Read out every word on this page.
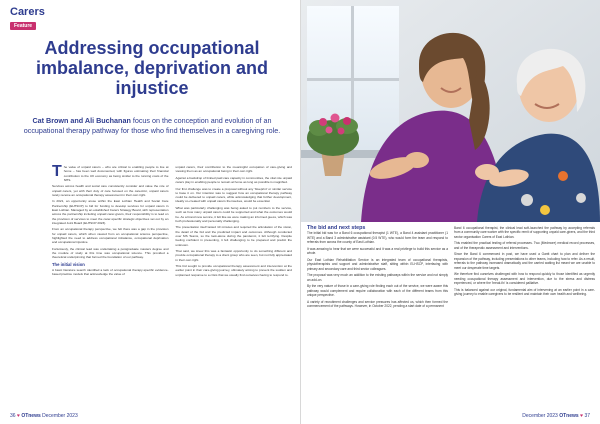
Carers
Feature
Addressing occupational imbalance, deprivation and injustice
Cat Brown and Ali Buchanan focus on the conception and evolution of an occupational therapy pathway for those who find themselves in a caregiving role.

The value of unpaid carers – who are critical to enabling people to live at home – has been well documented, with figures estimating their financial contribution to the UK economy as being similar to the running costs of the NHS.

Services across health and social care consistently consider and value the role of unpaid carers, yet with their duty of care focused on the cared-for, unpaid carers rarely receive an occupational therapy assessment in their own right.

In 2021, an opportunity arose within the East Lothian Health and Social Care Partnership (ELHSCP) to bid for funding to develop services for unpaid carers in East Lothian. Managed by an established Carers Strategy Board, with representation across the partnership including unpaid carer-givers, their responsibility is to lead on the provision of services to meet the carer-specific strategic objectives set out by an integrated Joint Board (ELHSCP 2023).

From an occupational therapy perspective, we felt there was a gap in the provision for unpaid carers, which when viewed from an occupational science perspective, highlighted the need to address occupational imbalance, occupational deprivation and occupational injustice.

Fortuitously, the clinical lead was undertaking a postgraduate masters degree and the module of study at this time was occupational science. This provided a theoretical underpinning that formed the foundation of our pathway.

The initial vision

A basic literature search identified a lack of occupational therapy-specific evidence-based practice models that acknowledge the value of

unpaid carers, their contribution to the meaningful occupation of care-giving and viewing them as an occupational being in their own right.

Against a backdrop of limited paid care capacity in communities, the vital role unpaid carers play in enabling people to remain at home as long as possible is magnified.

Our first challenge was to create a proposal without any 'blueprint' or similar service to base it on. Our intention was to suggest how an occupational therapy pathway could be delivered to unpaid carers, while acknowledging that further development, ideally co-created with unpaid carers themselves, would be essential.

What was particularly challenging was being asked to put numbers to the service, such as how many unpaid carers could be supported and what the outcomes would be. As a brand new service, it felt like we were making an informed guess, which was both professionally and personally challenging.

The presentation itself lasted 10 minutes and required the articulation of the vision, the detail of the bid and the predicted impact and outcomes. Although conducted over MS Teams, so the look-alone during the pandemic, it felt terrifying. Despite feeling confident in presenting, it felt challenging to be prepared and predict the unknown.

That said, we knew this was a fantastic opportunity to do something different and provide occupational therapy to a client group who are seen, but not fully appreciated in their own right.

This bid sought to provide occupational therapy assessment and intervention at the earlier point in their care-giving journey, ultimately aiming to prevent the sudden and unplanned response to a crisis that we usually find ourselves having to respond to.

36 ♥ OTnews December 2023
The bid and next steps

The initial bid was for a Band 6 occupational therapist (1 WTE), a Band 4 assistant practitioner (1 WTE) and a Band 3 administrative assistant (0.5 WTE), who would form the team and respond to referrals from across the county of East Lothian.

It was amazing to hear that we were successful and it was a real privilege to build this service as a whole.

Our East Lothian Rehabilitation Service is an integrated team of occupational therapists, physiotherapists and support and administrative staff, sitting within ELHSCP, interfacing with primary and secondary care and third sector colleagues.

The proposal was very much an addition to the existing pathways within the service and not simply an add-on.

By the very nature of those in a care-giving role finding each out of the service, we were aware this pathway would complement and require collaboration with each of the different teams from this unique perspective.

A variety of recruitment challenges and service pressures has affected us, which then formed the commencement of the pathways. However, in October 2022, pending a start date of a permanent

Band 6 occupational therapist, the clinical lead soft-launched the pathway by accepting referrals from a community care worker with the specific remit of supporting unpaid care-givers, and the third sector organisation Carers of East Lothian.

This enabled the practical testing of referral processes. Two (Medmore) medical record processes, and of the therapeutic assessment and interventions.

Since the Band 6 commenced in post, we have used a Gantt chart to plan and deliver the expansion of the pathway, including presentations to other teams, including how to refer. As a result, referrals to the pathway increased dramatically and the carried waiting list meant we are unable to meet our desperate time targets.

We therefore find ourselves challenged with how to respond quickly to those identified as urgently needing occupational therapy assessment and intervention, due to the stress and distress experienced, or where the 'break-fix' is considered palliative.

This is balanced against our original, fundamental aim of intervening at an earlier point in a care-giving journey to enable caregivers to be resilient and maintain their own health and wellbeing.

December 2023 OTnews ♥ 37
